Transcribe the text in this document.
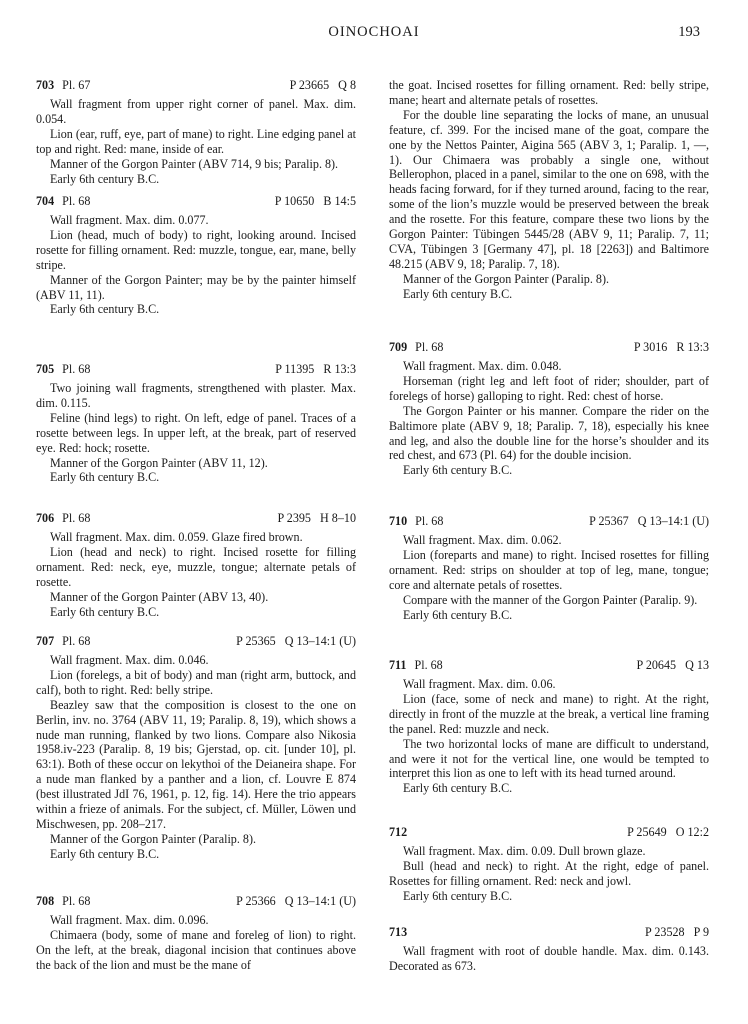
OINOCHOAI	193
703 Pl. 67	P 23665   Q 8

Wall fragment from upper right corner of panel. Max. dim. 0.054.

Lion (ear, ruff, eye, part of mane) to right. Line edging panel at top and right. Red: mane, inside of ear.

Manner of the Gorgon Painter (ABV 714, 9 bis; Paralip. 8).

Early 6th century B.C.

704 Pl. 68	P 10650   B 14:5

Wall fragment. Max. dim. 0.077.

Lion (head, much of body) to right, looking around. Incised rosette for filling ornament. Red: muzzle, tongue, ear, mane, belly stripe.

Manner of the Gorgon Painter; may be by the painter himself (ABV 11, 11).

Early 6th century B.C.

705 Pl. 68	P 11395   R 13:3

Two joining wall fragments, strengthened with plaster. Max. dim. 0.115.

Feline (hind legs) to right. On left, edge of panel. Traces of a rosette between legs. In upper left, at the break, part of reserved eye. Red: hock; rosette.

Manner of the Gorgon Painter (ABV 11, 12).

Early 6th century B.C.

706 Pl. 68	P 2395   H 8–10

Wall fragment. Max. dim. 0.059. Glaze fired brown.

Lion (head and neck) to right. Incised rosette for filling ornament. Red: neck, eye, muzzle, tongue; alternate petals of rosette.

Manner of the Gorgon Painter (ABV 13, 40).

Early 6th century B.C.

707 Pl. 68	P 25365   Q 13–14:1 (U)

Wall fragment. Max. dim. 0.046.

Lion (forelegs, a bit of body) and man (right arm, buttock, and calf), both to right. Red: belly stripe.

Beazley saw that the composition is closest to the one on Berlin, inv. no. 3764 (ABV 11, 19; Paralip. 8, 19), which shows a nude man running, flanked by two lions. Compare also Nikosia 1958.iv-223 (Paralip. 8, 19 bis; Gjerstad, op. cit. [under 10], pl. 63:1). Both of these occur on lekythoi of the Deianeira shape. For a nude man flanked by a panther and a lion, cf. Louvre E 874 (best illustrated JdI 76, 1961, p. 12, fig. 14). Here the trio appears within a frieze of animals. For the subject, cf. Müller, Löwen und Mischwesen, pp. 208–217.

Manner of the Gorgon Painter (Paralip. 8).

Early 6th century B.C.

708 Pl. 68	P 25366   Q 13–14:1 (U)

Wall fragment. Max. dim. 0.096.

Chimaera (body, some of mane and foreleg of lion) to right. On the left, at the break, diagonal incision that continues above the back of the lion and must be the mane of

the goat. Incised rosettes for filling ornament. Red: belly stripe, mane; heart and alternate petals of rosettes.

For the double line separating the locks of mane, an unusual feature, cf. 399. For the incised mane of the goat, compare the one by the Nettos Painter, Aigina 565 (ABV 3, 1; Paralip. 1, —, 1). Our Chimaera was probably a single one, without Bellerophon, placed in a panel, similar to the one on 698, with the heads facing forward, for if they turned around, facing to the rear, some of the lion’s muzzle would be preserved between the break and the rosette. For this feature, compare these two lions by the Gorgon Painter: Tübingen 5445/28 (ABV 9, 11; Paralip. 7, 11; CVA, Tübingen 3 [Germany 47], pl. 18 [2263]) and Baltimore 48.215 (ABV 9, 18; Paralip. 7, 18).

Manner of the Gorgon Painter (Paralip. 8).

Early 6th century B.C.

709 Pl. 68	P 3016   R 13:3

Wall fragment. Max. dim. 0.048.

Horseman (right leg and left foot of rider; shoulder, part of forelegs of horse) galloping to right. Red: chest of horse.

The Gorgon Painter or his manner. Compare the rider on the Baltimore plate (ABV 9, 18; Paralip. 7, 18), especially his knee and leg, and also the double line for the horse’s shoulder and its red chest, and 673 (Pl. 64) for the double incision.

Early 6th century B.C.

710 Pl. 68	P 25367   Q 13–14:1 (U)

Wall fragment. Max. dim. 0.062.

Lion (foreparts and mane) to right. Incised rosettes for filling ornament. Red: strips on shoulder at top of leg, mane, tongue; core and alternate petals of rosettes.

Compare with the manner of the Gorgon Painter (Paralip. 9).

Early 6th century B.C.

711 Pl. 68	P 20645   Q 13

Wall fragment. Max. dim. 0.06.

Lion (face, some of neck and mane) to right. At the right, directly in front of the muzzle at the break, a vertical line framing the panel. Red: muzzle and neck.

The two horizontal locks of mane are difficult to understand, and were it not for the vertical line, one would be tempted to interpret this lion as one to left with its head turned around.

Early 6th century B.C.

712	P 25649   O 12:2

Wall fragment. Max. dim. 0.09. Dull brown glaze.

Bull (head and neck) to right. At the right, edge of panel. Rosettes for filling ornament. Red: neck and jowl.

Early 6th century B.C.

713	P 23528   P 9

Wall fragment with root of double handle. Max. dim. 0.143. Decorated as 673.
